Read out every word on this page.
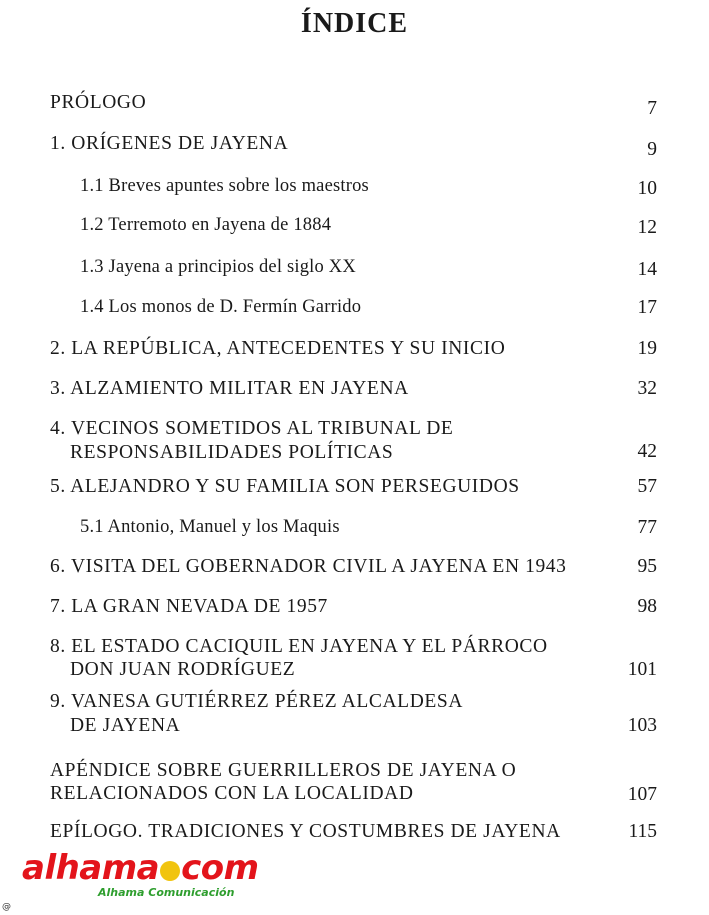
ÍNDICE
PRÓLOGO	7
1. ORÍGENES DE JAYENA	9
1.1 Breves apuntes sobre los maestros	10
1.2 Terremoto en Jayena de 1884	12
1.3 Jayena a principios del siglo XX	14
1.4 Los monos de D. Fermín Garrido	17
2. LA REPÚBLICA, ANTECEDENTES Y SU INICIO	19
3. ALZAMIENTO MILITAR EN JAYENA	32
4. VECINOS SOMETIDOS AL TRIBUNAL DE
RESPONSABILIDADES POLÍTICAS	42
5. ALEJANDRO Y SU FAMILIA SON PERSEGUIDOS	57
5.1 Antonio, Manuel y los Maquis	77
6. VISITA DEL GOBERNADOR CIVIL A JAYENA EN 1943	95
7. LA GRAN NEVADA DE 1957	98
8. EL ESTADO CACIQUIL EN JAYENA Y EL PÁRROCO
DON JUAN RODRÍGUEZ	101
9. VANESA GUTIÉRREZ PÉREZ ALCALDESA
DE JAYENA	103
APÉNDICE SOBRE GUERRILLEROS DE JAYENA O
RELACIONADOS CON LA LOCALIDAD	107
EPÍLOGO. TRADICIONES Y COSTUMBRES DE JAYENA	115
alhama com
Alhama Comunicación
@
